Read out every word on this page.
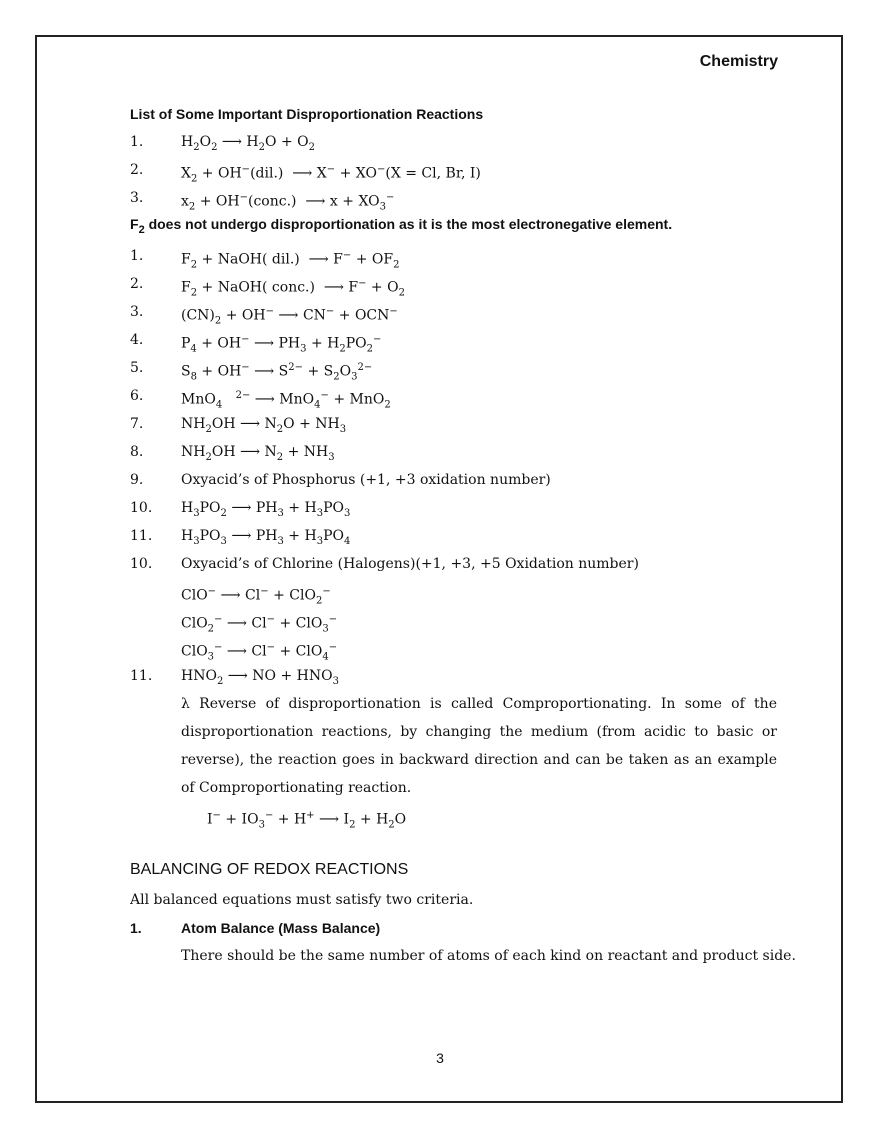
Chemistry
List of Some Important Disproportionation Reactions
1.	$H_2O_2$ ⟶ $H_2O + O_2$
2.	$X_2 + OH^-(dil.)$  ⟶ X− + XO−(X = Cl, Br, I)
3.	$x_2$ + OH−(conc.)  ⟶ $x + XO_3^-$
$F_2$ does not undergo disproportionation as it is the most electronegative element.
1.	$F_2$ + NaOH( dil.)  ⟶ $F^- + OF_2$
2.	$F_2$ + NaOH( conc.)  ⟶ $F^- + O_2$
3.	$(CN)_2 + OH^-$ ⟶ CN− + OCN−
4.	$P_4 + OH^-$ ⟶ $PH_3 + H_2PO_2^-$
5.	$S_8 + OH^-$ ⟶ $S^{2-} + S_2O_3^{2-}$
6.	MnO$_4$   $^{2-}$ ⟶ MnO$_4$− + MnO$_2$
7.	$NH_2OH$ ⟶ $N_2O + NH_3$
8.	$NH_2OH$ ⟶ $N_2 + NH_3$
9.	Oxyacid’s of Phosphorus (+1, +3 oxidation number)
10. $H_3PO_2$ ⟶ $PH_3 + H_3PO_3$
11. $H_3PO_3$ ⟶ $PH_3 + H_3PO_4$
10. Oxyacid’s of Chlorine (Halogens)(+1, +3, +5 Oxidation number)
ClO− ⟶ Cl− + ClO$_2$−
ClO$_2$− ⟶ Cl− + ClO$_3$−
ClO$_3$− ⟶ Cl− + ClO$_4$−
11. $HNO_2$ ⟶ NO + $HNO_3$
λ Reverse of disproportionation is called Comproportionating. In some of the disproportionation reactions, by changing the medium (from acidic to basic or reverse), the reaction goes in backward direction and can be taken as an example of Comproportionating reaction.
$I^- + IO_3^- + H^+$ ⟶ $I_2 + H_2O$
BALANCING OF REDOX REACTIONS
All balanced equations must satisfy two criteria.
1.	Atom Balance (Mass Balance)
There should be the same number of atoms of each kind on reactant and product side.
3
